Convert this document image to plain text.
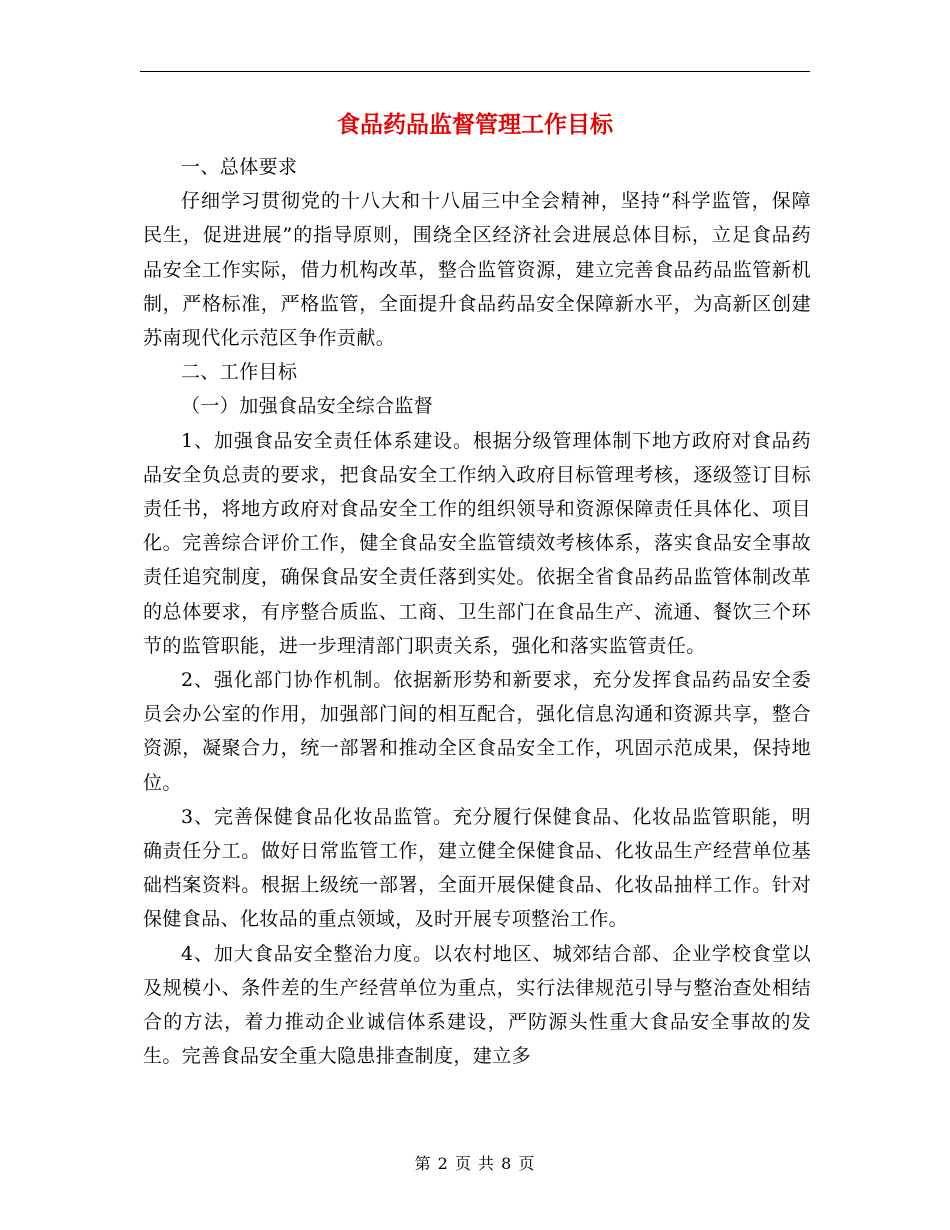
食品药品监督管理工作目标

一、总体要求

仔细学习贯彻党的十八大和十八届三中全会精神，坚持“科学监管，保障民生，促进进展”的指导原则，围绕全区经济社会进展总体目标，立足食品药品安全工作实际，借力机构改革，整合监管资源，建立完善食品药品监管新机制，严格标准，严格监管，全面提升食品药品安全保障新水平，为高新区创建苏南现代化示范区争作贡献。

二、工作目标

（一）加强食品安全综合监督

1、加强食品安全责任体系建设。根据分级管理体制下地方政府对食品药品安全负总责的要求，把食品安全工作纳入政府目标管理考核，逐级签订目标责任书，将地方政府对食品安全工作的组织领导和资源保障责任具体化、项目化。完善综合评价工作，健全食品安全监管绩效考核体系，落实食品安全事故责任追究制度，确保食品安全责任落到实处。依据全省食品药品监管体制改革的总体要求，有序整合质监、工商、卫生部门在食品生产、流通、餐饮三个环节的监管职能，进一步理清部门职责关系，强化和落实监管责任。

2、强化部门协作机制。依据新形势和新要求，充分发挥食品药品安全委员会办公室的作用，加强部门间的相互配合，强化信息沟通和资源共享，整合资源，凝聚合力，统一部署和推动全区食品安全工作，巩固示范成果，保持地位。

3、完善保健食品化妆品监管。充分履行保健食品、化妆品监管职能，明确责任分工。做好日常监管工作，建立健全保健食品、化妆品生产经营单位基础档案资料。根据上级统一部署，全面开展保健食品、化妆品抽样工作。针对保健食品、化妆品的重点领域，及时开展专项整治工作。

4、加大食品安全整治力度。以农村地区、城郊结合部、企业学校食堂以及规模小、条件差的生产经营单位为重点，实行法律规范引导与整治查处相结合的方法，着力推动企业诚信体系建设，严防源头性重大食品安全事故的发生。完善食品安全重大隐患排查制度，建立多

第 2 页 共 8 页
